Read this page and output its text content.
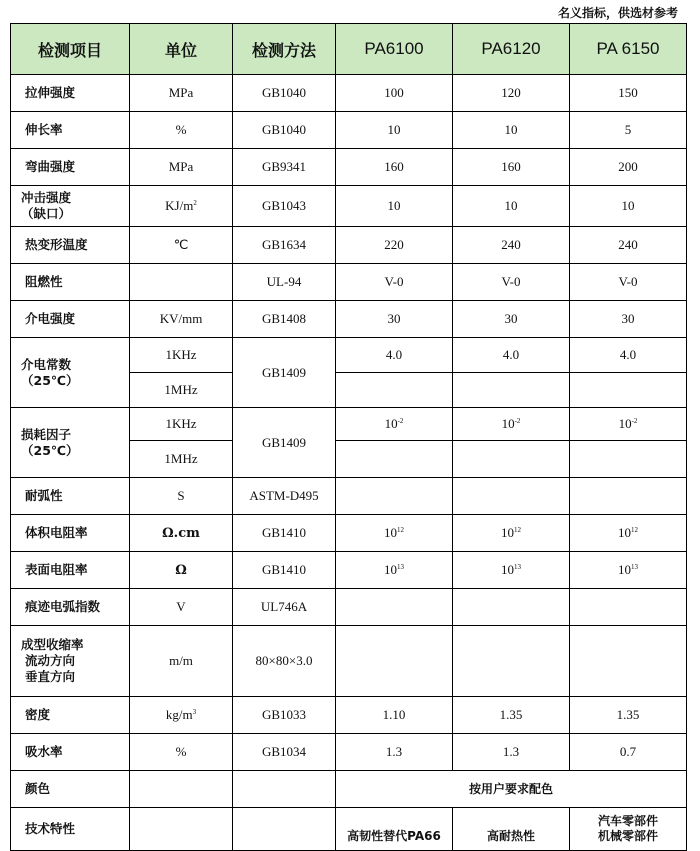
名义指标，供选材参考
检测项目	单位	检测方法	PA6100	PA6120	PA 6150
拉伸强度	MPa	GB1040	100	120	150
伸长率	%	GB1040	10	10	5
弯曲强度	MPa	GB9341	160	160	200

冲击强度
（缺口）	$KJ/m^2$	GB1043	10	10	10
热变形温度	℃	GB1634	220	240	240
阻燃性		UL-94	V-0	V-0	V-0
介电强度	KV/mm	GB1408	30	30	30

介电常数
（25℃）	1KHz	GB1409	4.0	4.0	4.0
	1MHz				

损耗因子
（25℃）	1KHz	GB1409	$10^{-2}$	$10^{-2}$	$10^{-2}$
	1MHz				
耐弧性	S	ASTM-D495			
体积电阻率	Ω.cm	GB1410	$10^{12}$	$10^{12}$	$10^{12}$
表面电阻率	Ω	GB1410	$10^{13}$	$10^{13}$	$10^{13}$
痕迹电弧指数	V	UL746A			

成型收缩率
流动方向
垂直方向	m/m	80×80×3.0			
密度	$kg/m^3$	GB1033	1.10	1.35	1.35
吸水率	%	GB1034	1.3	1.3	0.7
颜色			按用户要求配色		
技术特性			高韧性替代PA66	高耐热性	汽车零部件
机械零部件
